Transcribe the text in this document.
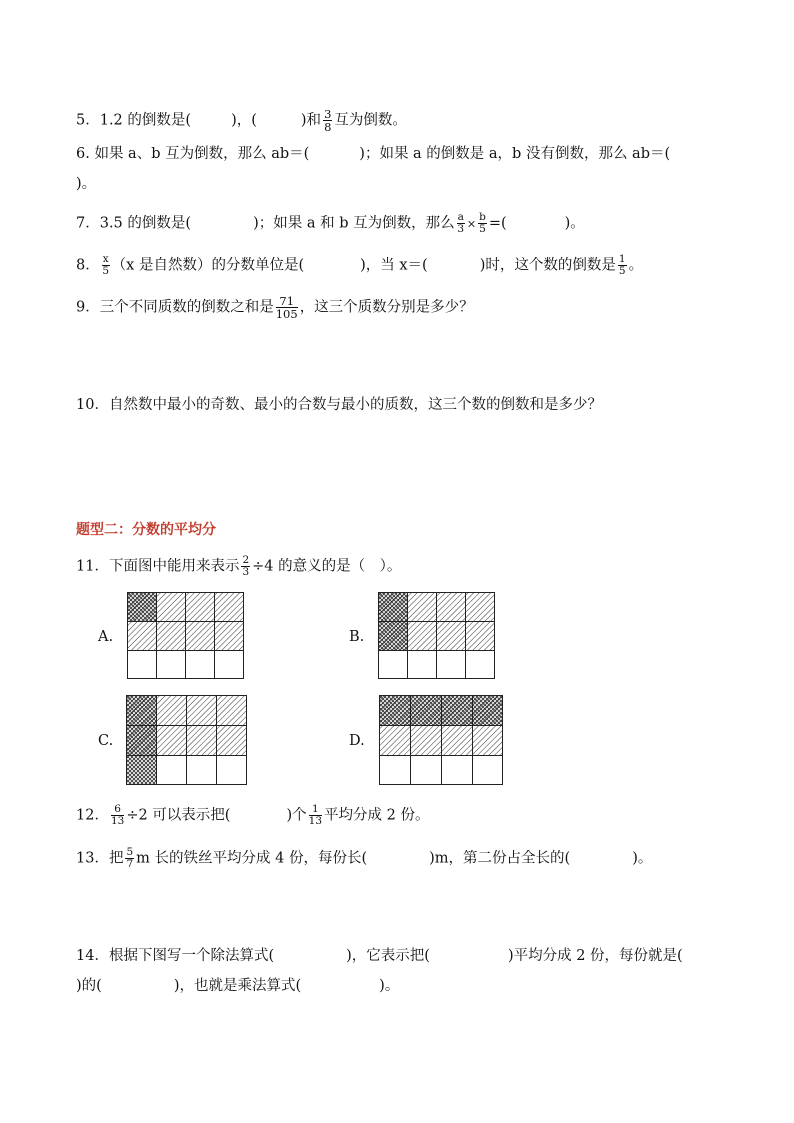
5．1.2 的倒数是(	)，(	)和 $\frac{3}{8}$ 互为倒数。
6. 如果 a、b 互为倒数，那么 ab＝(	)；如果 a 的倒数是 a，b 没有倒数，那么 ab＝(
)。
7．3.5 的倒数是(	)；如果 a 和 b 互为倒数，那么 $\frac{a}{3} \times \frac{b}{5}$ =(	)。
8． $\frac{x}{5} (x$ 是自然数）的分数单位是(	)，当 x＝(	)时，这个数的倒数是 $\frac{1}{5}$ 。
9．三个不同质数的倒数之和是 $\frac{71}{105}$ ，这三个质数分别是多少？
10．自然数中最小的奇数、最小的合数与最小的质数，这三个数的倒数和是多少？
题型二：分数的平均分
11．下面图中能用来表示 $\frac{2}{3} \div 4$ 的意义的是（　）。
A.	B.
C.	D.
12． $\frac{6}{13} \div 2$ 可以表示把(	)个 $\frac{1}{13}$ 平均分成 2 份。
13．把 $\frac{5}{7}$ m 长的铁丝平均分成 4 份，每份长(	)m，第二份占全长的(	)。
14．根据下图写一个除法算式(	)，它表示把(	)平均分成 2 份，每份就是(
)的(	)，也就是乘法算式(	)。
